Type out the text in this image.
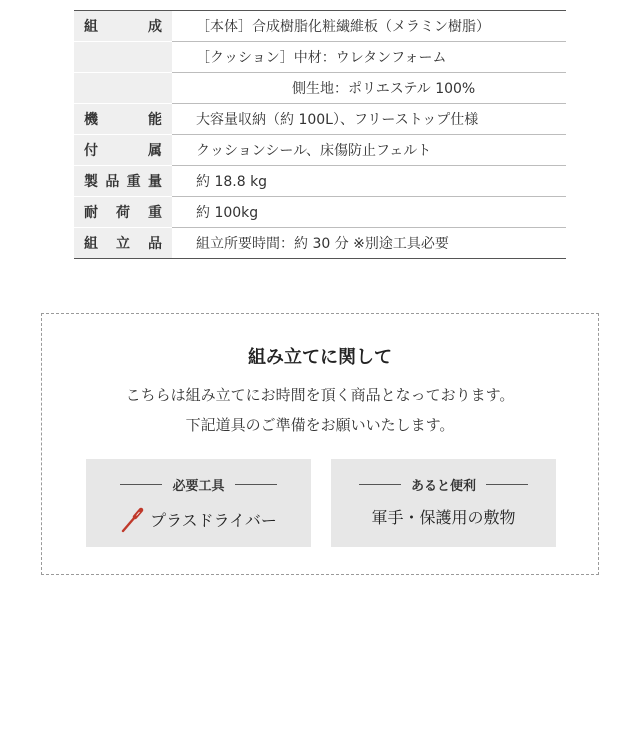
組 成	［本体］合成樹脂化粧繊維板（メラミン樹脂）
	［クッション］中材：ウレタンフォーム
	側生地：ポリエステル 100%

機 能	大容量収納（約 100L）、フリーストップ仕様

付 属	クッションシール、床傷防止フェルト

製 品 重 量	約 18.8 kg

耐 荷 重	約 100kg

組 立 品	組立所要時間：約 30 分 ※別途工具必要
組み立てに関して
こちらは組み立てにお時間を頂く商品となっております。
下記道具のご準備をお願いいたします。
必要工具
プラスドライバー
あると便利
軍手・保護用の敷物
